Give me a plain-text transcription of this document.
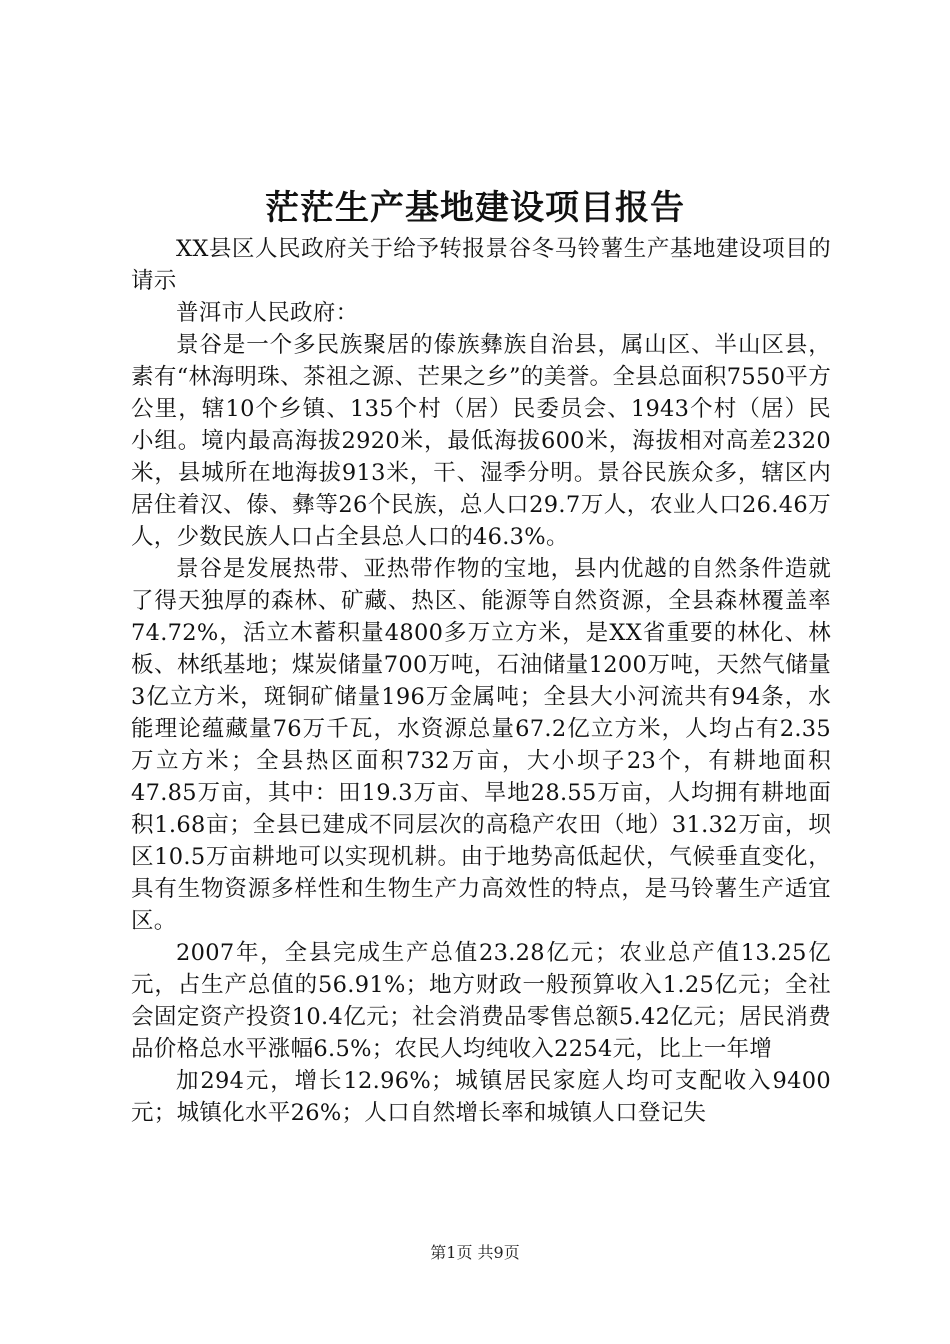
茫茫生产基地建设项目报告

XX县区人民政府关于给予转报景谷冬马铃薯生产基地建设项目的请示

普洱市人民政府：

景谷是一个多民族聚居的傣族彝族自治县，属山区、半山区县，素有“林海明珠、茶祖之源、芒果之乡”的美誉。全县总面积7550平方公里，辖10个乡镇、135个村（居）民委员会、1943个村（居）民小组。境内最高海拔2920米，最低海拔600米，海拔相对高差2320米，县城所在地海拔913米，干、湿季分明。景谷民族众多，辖区内居住着汉、傣、彝等26个民族，总人口29.7万人，农业人口26.46万人，少数民族人口占全县总人口的46.3%。

景谷是发展热带、亚热带作物的宝地，县内优越的自然条件造就了得天独厚的森林、矿藏、热区、能源等自然资源，全县森林覆盖率74.72%，活立木蓄积量4800多万立方米，是XX省重要的林化、林板、林纸基地；煤炭储量700万吨，石油储量1200万吨，天然气储量3亿立方米，斑铜矿储量196万金属吨；全县大小河流共有94条，水能理论蕴藏量76万千瓦，水资源总量67.2亿立方米，人均占有2.35万立方米；全县热区面积732万亩，大小坝子23个，有耕地面积47.85万亩，其中：田19.3万亩、旱地28.55万亩，人均拥有耕地面积1.68亩；全县已建成不同层次的高稳产农田（地）31.32万亩，坝区10.5万亩耕地可以实现机耕。由于地势高低起伏，气候垂直变化，具有生物资源多样性和生物生产力高效性的特点，是马铃薯生产适宜区。

2007年，全县完成生产总值23.28亿元；农业总产值13.25亿元，占生产总值的56.91%；地方财政一般预算收入1.25亿元；全社会固定资产投资10.4亿元；社会消费品零售总额5.42亿元；居民消费品价格总水平涨幅6.5%；农民人均纯收入2254元，比上一年增

加294元，增长12.96%；城镇居民家庭人均可支配收入9400元；城镇化水平26%；人口自然增长率和城镇人口登记失

第1页 共9页
